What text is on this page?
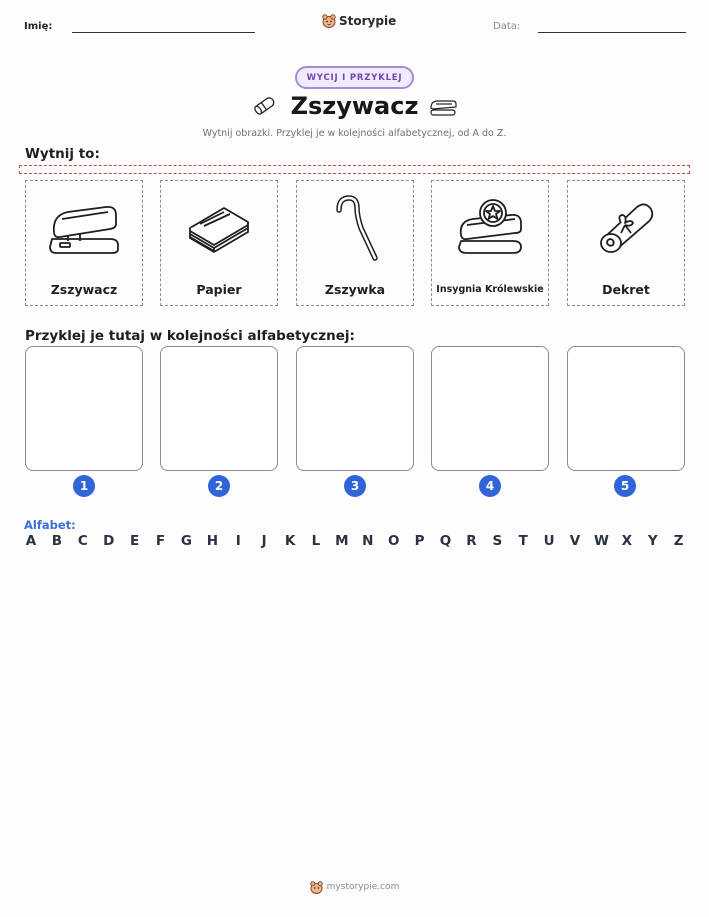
Imię:	Storypie	Data:
WYCIJ I PRZYKLEJ
Zszywacz
Wytnij obrazki. Przyklej je w kolejności alfabetycznej, od A do Z.
Wytnij to:
Zszywacz	Papier	Zszywka	Insygnia Królewskie	Dekret
Przyklej je tutaj w kolejności alfabetycznej:
1	2	3	4	5
Alfabet:
A B C D E F G H	I	J	K L M N O P Q R S T U V W X Y Z
mystorypie.com
